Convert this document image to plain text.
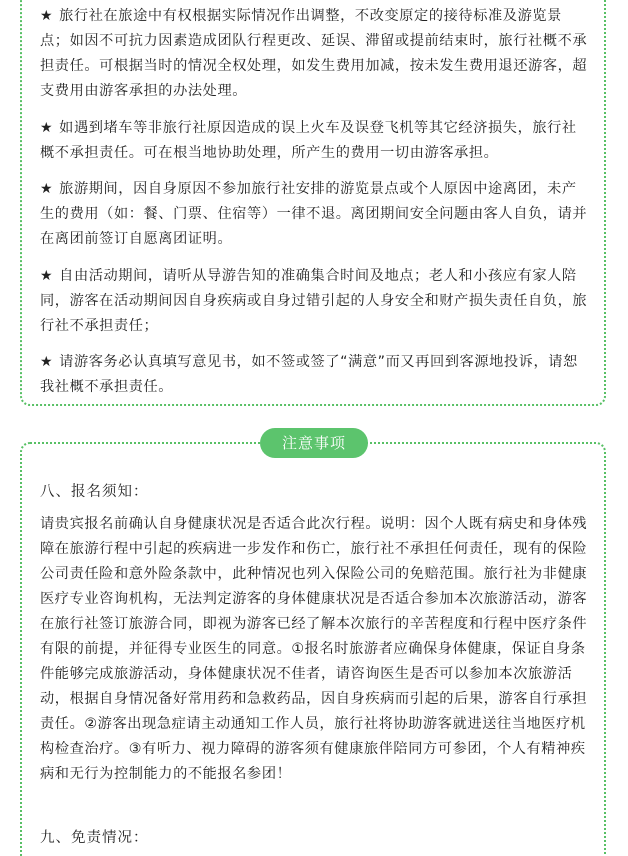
★ 旅行社在旅途中有权根据实际情况作出调整，不改变原定的接待标准及游览景点；如因不可抗力因素造成团队行程更改、延误、滞留或提前结束时，旅行社概不承担责任。可根据当时的情况全权处理，如发生费用加减，按未发生费用退还游客，超支费用由游客承担的办法处理。

★ 如遇到堵车等非旅行社原因造成的误上火车及误登飞机等其它经济损失，旅行社概不承担责任。可在根当地协助处理，所产生的费用一切由游客承担。

★ 旅游期间，因自身原因不参加旅行社安排的游览景点或个人原因中途离团，未产生的费用（如：餐、门票、住宿等）一律不退。离团期间安全问题由客人自负，请并在离团前签订自愿离团证明。

★ 自由活动期间，请听从导游告知的准确集合时间及地点；老人和小孩应有家人陪同，游客在活动期间因自身疾病或自身过错引起的人身安全和财产损失责任自负，旅行社不承担责任；

★ 请游客务必认真填写意见书，如不签或签了“满意”而又再回到客源地投诉，请恕我社概不承担责任。

注意事项

八、报名须知：

请贵宾报名前确认自身健康状况是否适合此次行程。说明：因个人既有病史和身体残障在旅游行程中引起的疾病进一步发作和伤亡，旅行社不承担任何责任，现有的保险公司责任险和意外险条款中，此种情况也列入保险公司的免赔范围。旅行社为非健康医疗专业咨询机构，无法判定游客的身体健康状况是否适合参加本次旅游活动，游客在旅行社签订旅游合同，即视为游客已经了解本次旅行的辛苦程度和行程中医疗条件有限的前提，并征得专业医生的同意。①报名时旅游者应确保身体健康，保证自身条件能够完成旅游活动，身体健康状况不佳者，请咨询医生是否可以参加本次旅游活动，根据自身情况备好常用药和急救药品，因自身疾病而引起的后果，游客自行承担责任。②游客出现急症请主动通知工作人员，旅行社将协助游客就进送往当地医疗机构检查治疗。③有听力、视力障碍的游客须有健康旅伴陪同方可参团，个人有精神疾病和无行为控制能力的不能报名参团！

九、免责情况：
